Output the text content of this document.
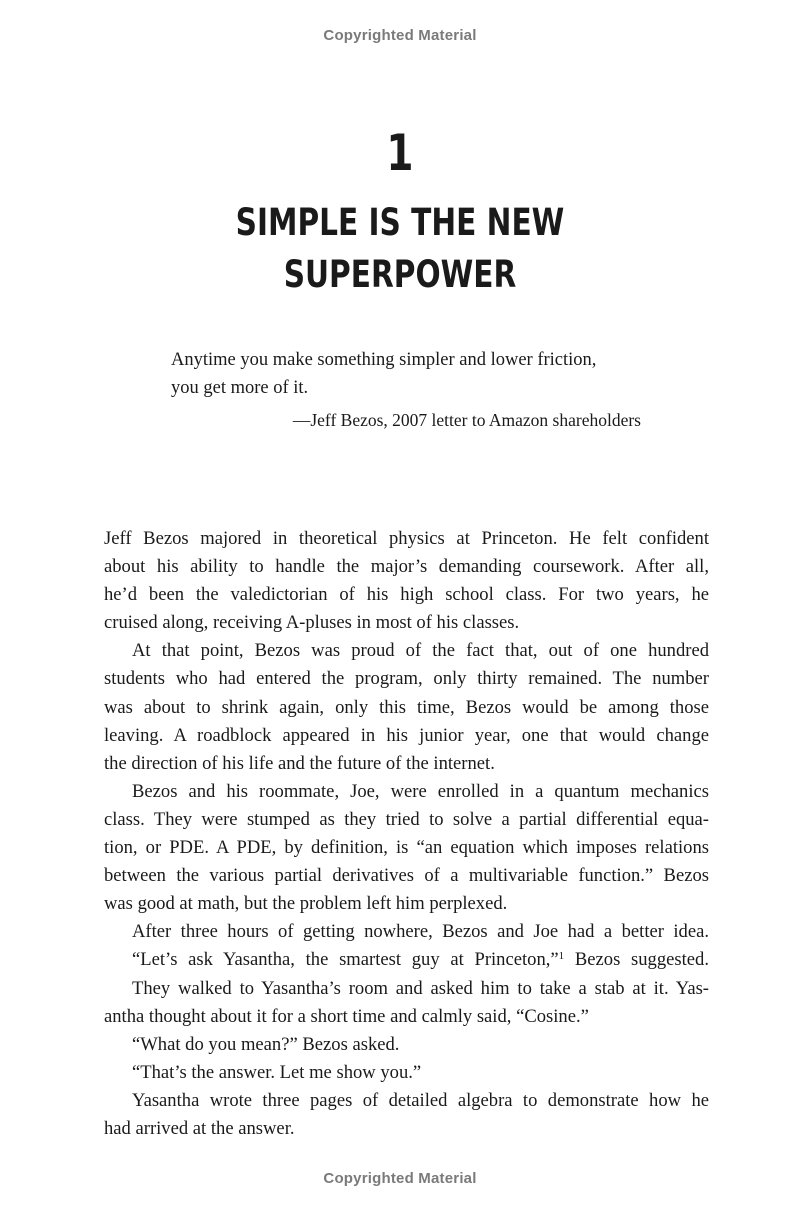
Copyrighted Material
1
SIMPLE IS THE NEW
SUPERPOWER
Anytime you make something simpler and lower friction,
you get more of it.
—Jeff Bezos, 2007 letter to Amazon shareholders
Jeff Bezos majored in theoretical physics at Princeton. He felt confident
about his ability to handle the major’s demanding coursework. After all,
he’d been the valedictorian of his high school class. For two years, he
cruised along, receiving A-pluses in most of his classes.
At that point, Bezos was proud of the fact that, out of one hundred
students who had entered the program, only thirty remained. The number
was about to shrink again, only this time, Bezos would be among those
leaving. A roadblock appeared in his junior year, one that would change
the direction of his life and the future of the internet.
Bezos and his roommate, Joe, were enrolled in a quantum mechanics
class. They were stumped as they tried to solve a partial differential equa-
tion, or PDE. A PDE, by definition, is “an equation which imposes relations
between the various partial derivatives of a multivariable function.” Bezos
was good at math, but the problem left him perplexed.
After three hours of getting nowhere, Bezos and Joe had a better idea.
“Let’s ask Yasantha, the smartest guy at Princeton,”$^1$ Bezos suggested.
They walked to Yasantha’s room and asked him to take a stab at it. Yas-
antha thought about it for a short time and calmly said, “Cosine.”
“What do you mean?” Bezos asked.
“That’s the answer. Let me show you.”
Yasantha wrote three pages of detailed algebra to demonstrate how he
had arrived at the answer.
Copyrighted Material
